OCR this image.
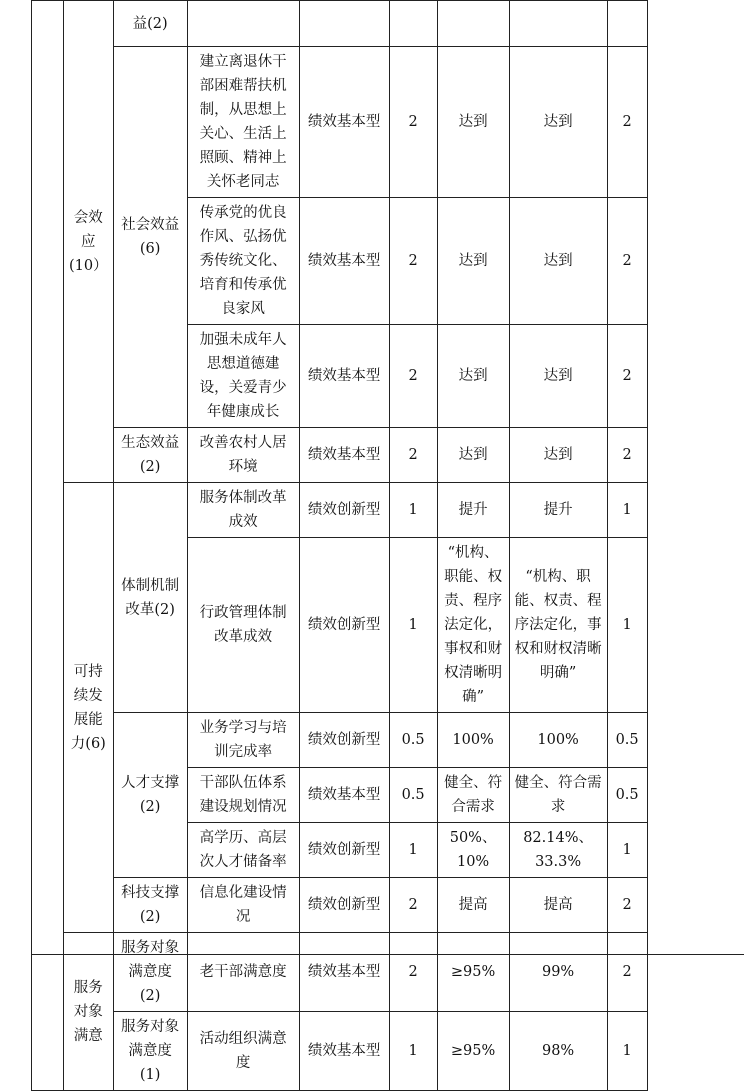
	会效应(10）	益(2)						
		社会效益(6)	建立离退休干部困难帮扶机制，从思想上关心、生活上照顾、精神上关怀老同志	绩效基本型	2	达到	达到	2
			传承党的优良作风、弘扬优秀传统文化、培育和传承优良家风	绩效基本型	2	达到	达到	2
			加强未成年人思想道德建设，关爱青少年健康成长	绩效基本型	2	达到	达到	2
		生态效益(2)	改善农村人居环境	绩效基本型	2	达到	达到	2
	可持续发展能力(6)	体制机制改革(2)	服务体制改革成效	绩效创新型	1	提升	提升	1
			行政管理体制改革成效	绩效创新型	1	“机构、职能、权责、程序法定化，事权和财权清晰明确”	“机构、职能、权责、程序法定化，事权和财权清晰明确”	1
		人才支撑(2)	业务学习与培训完成率	绩效创新型	0.5	100%	100%	0.5
			干部队伍体系建设规划情况	绩效基本型	0.5	健全、符合需求	健全、符合需求	0.5
			高学历、高层次人才储备率	绩效创新型	1	50%、10%	82.14%、33.3%	1
		科技支撑(2)	信息化建设情况	绩效创新型	2	提高	提高	2
	服务对象满意	服务对象满意度(2)	老干部满意度	绩效基本型	2	≥95%	99%	2
		服务对象满意度(1)	活动组织满意度	绩效基本型	1	≥95%	98%	1
